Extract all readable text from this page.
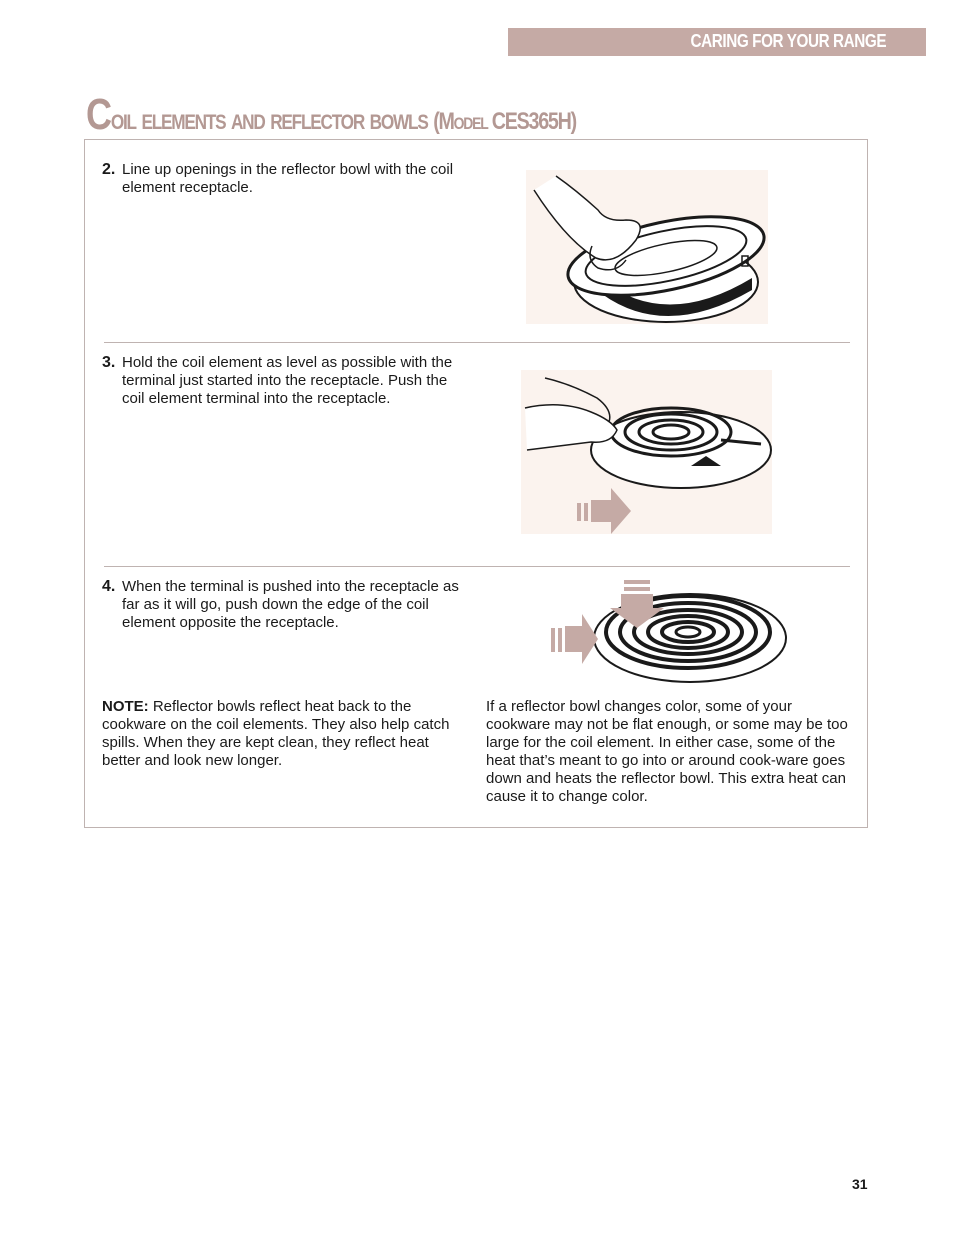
CARING FOR YOUR RANGE
Coil elements and reflector bowls (Model CES365H)
2. Line up openings in the reflector bowl with the coil element receptacle.
3. Hold the coil element as level as possible with the terminal just started into the receptacle. Push the coil element terminal into the receptacle.
4. When the terminal is pushed into the receptacle as far as it will go, push down the edge of the coil element opposite the receptacle.
NOTE: Reflector bowls reflect heat back to the cookware on the coil elements. They also help catch spills. When they are kept clean, they reflect heat better and look new longer.
If a reflector bowl changes color, some of your cookware may not be flat enough, or some may be too large for the coil element. In either case, some of the heat that’s meant to go into or around cook-ware goes down and heats the reflector bowl. This extra heat can cause it to change color.
31
